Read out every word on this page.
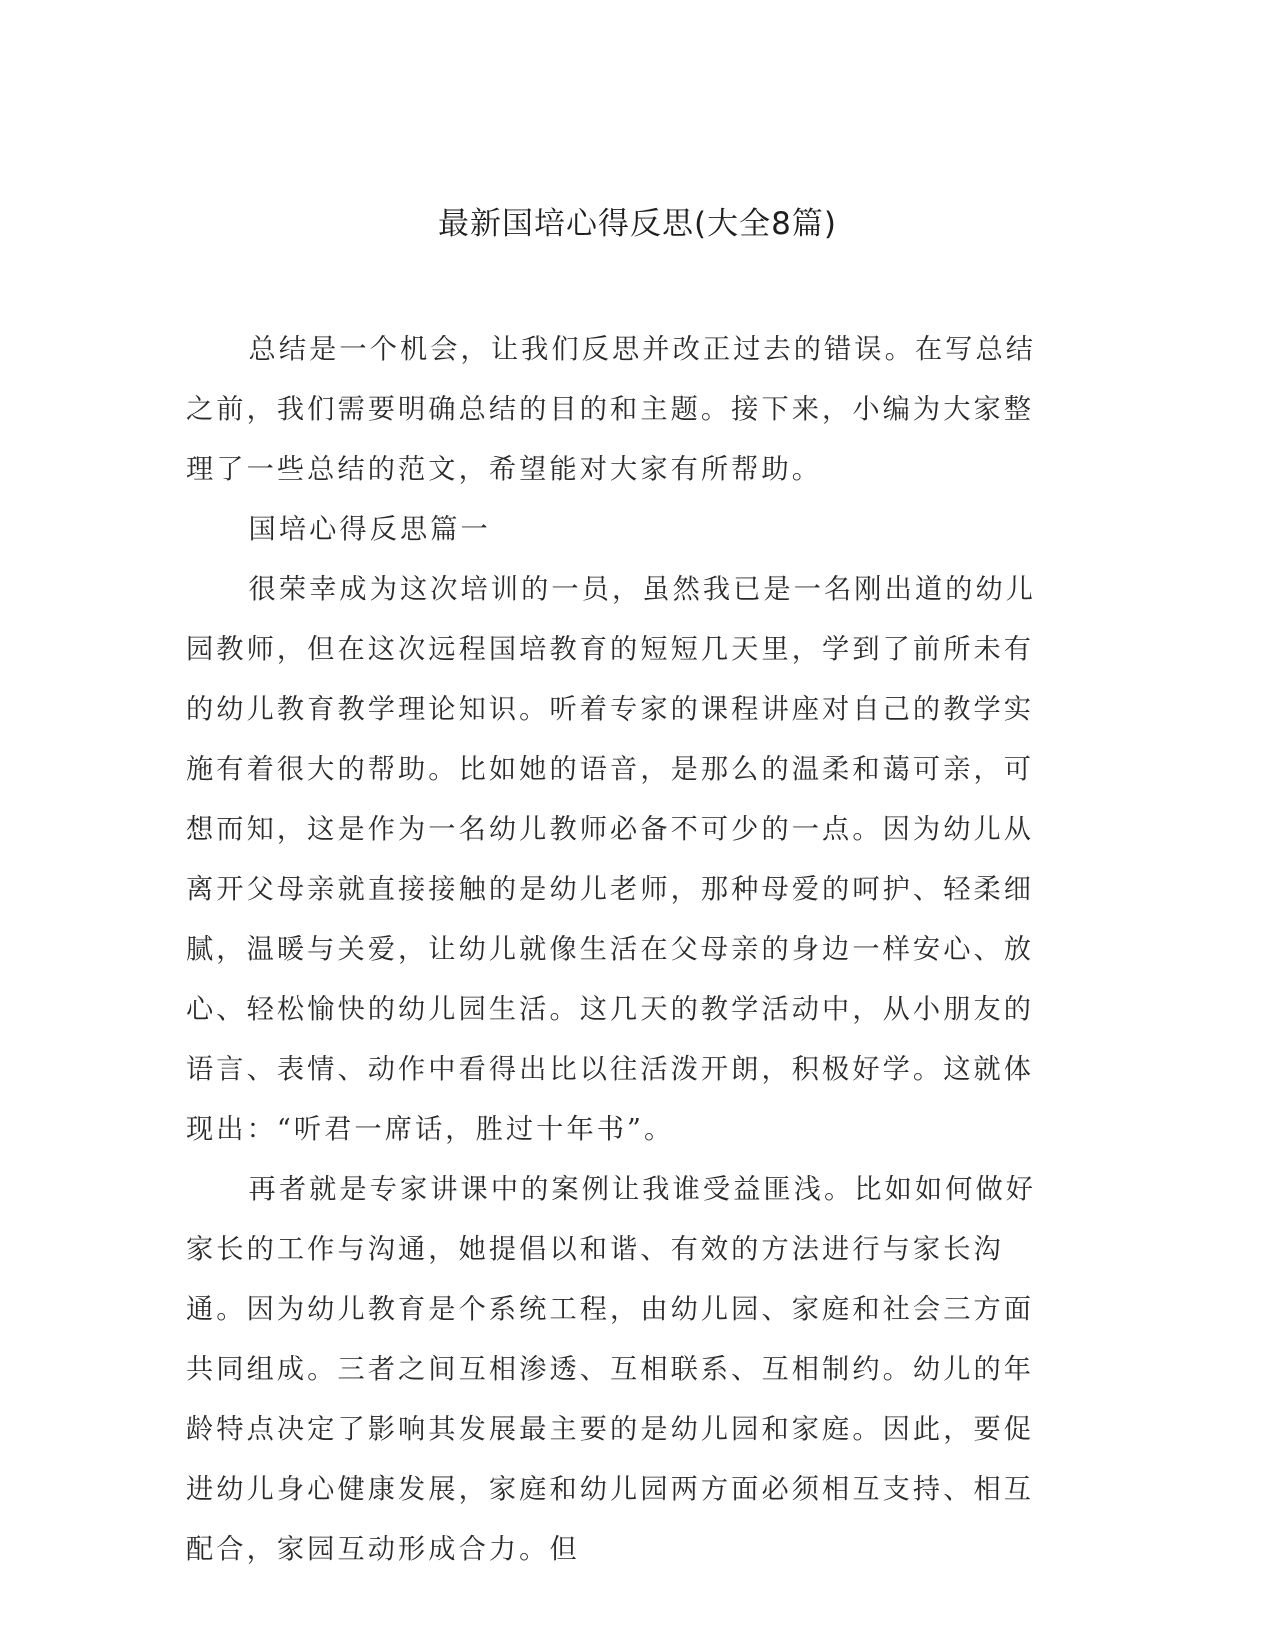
最新国培心得反思(大全8篇)

总结是一个机会，让我们反思并改正过去的错误。在写总结之前，我们需要明确总结的目的和主题。接下来，小编为大家整理了一些总结的范文，希望能对大家有所帮助。

国培心得反思篇一

很荣幸成为这次培训的一员，虽然我已是一名刚出道的幼儿园教师，但在这次远程国培教育的短短几天里，学到了前所未有的幼儿教育教学理论知识。听着专家的课程讲座对自己的教学实施有着很大的帮助。比如她的语音，是那么的温柔和蔼可亲，可想而知，这是作为一名幼儿教师必备不可少的一点。因为幼儿从离开父母亲就直接接触的是幼儿老师，那种母爱的呵护、轻柔细腻，温暖与关爱，让幼儿就像生活在父母亲的身边一样安心、放心、轻松愉快的幼儿园生活。这几天的教学活动中，从小朋友的语言、表情、动作中看得出比以往活泼开朗，积极好学。这就体现出：“听君一席话，胜过十年书”。

再者就是专家讲课中的案例让我谁受益匪浅。比如如何做好家长的工作与沟通，她提倡以和谐、有效的方法进行与家长沟通。因为幼儿教育是个系统工程，由幼儿园、家庭和社会三方面共同组成。三者之间互相渗透、互相联系、互相制约。幼儿的年龄特点决定了影响其发展最主要的是幼儿园和家庭。因此，要促进幼儿身心健康发展，家庭和幼儿园两方面必须相互支持、相互配合，家园互动形成合力。但
